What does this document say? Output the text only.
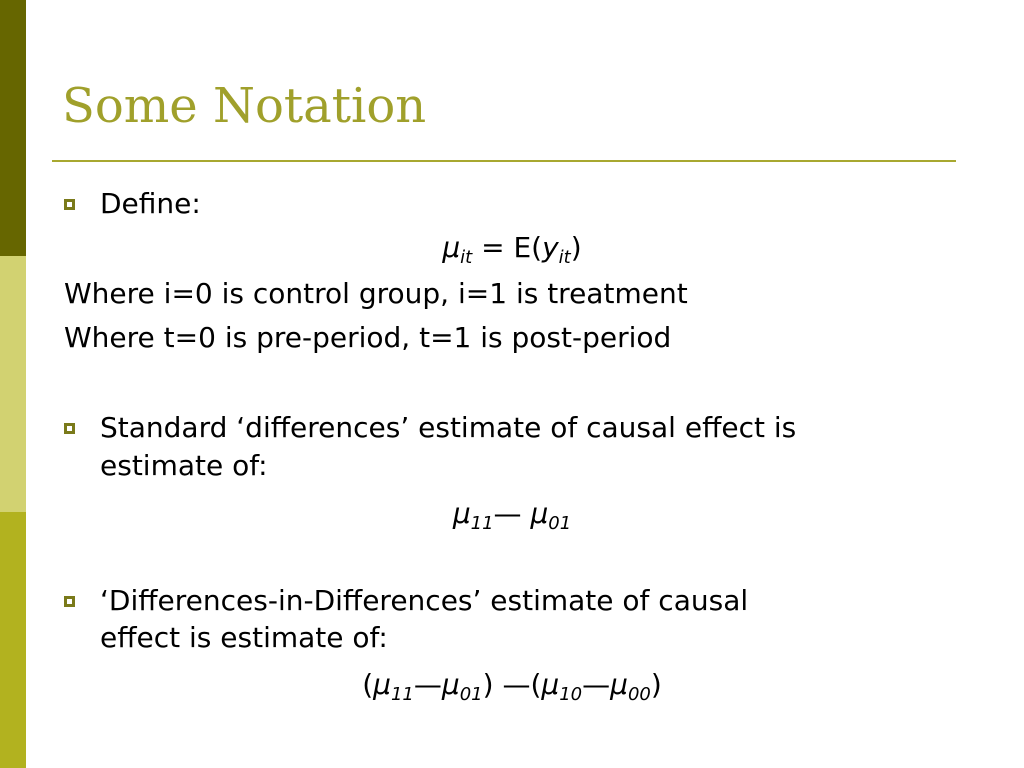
Some Notation
Define:
$\mu_{it} = E(y_{it})$
Where i=0 is control group, i=1 is treatment
Where t=0 is pre-period, t=1 is post-period
Standard ‘differences’ estimate of causal effect is
estimate of:
$\mu_{11}—$ $\mu_{01}$
‘Differences-in-Differences’ estimate of causal
effect is estimate of:
$(\mu_{11}—\mu_{01})$ $—(\mu_{10}—\mu_{00})$
